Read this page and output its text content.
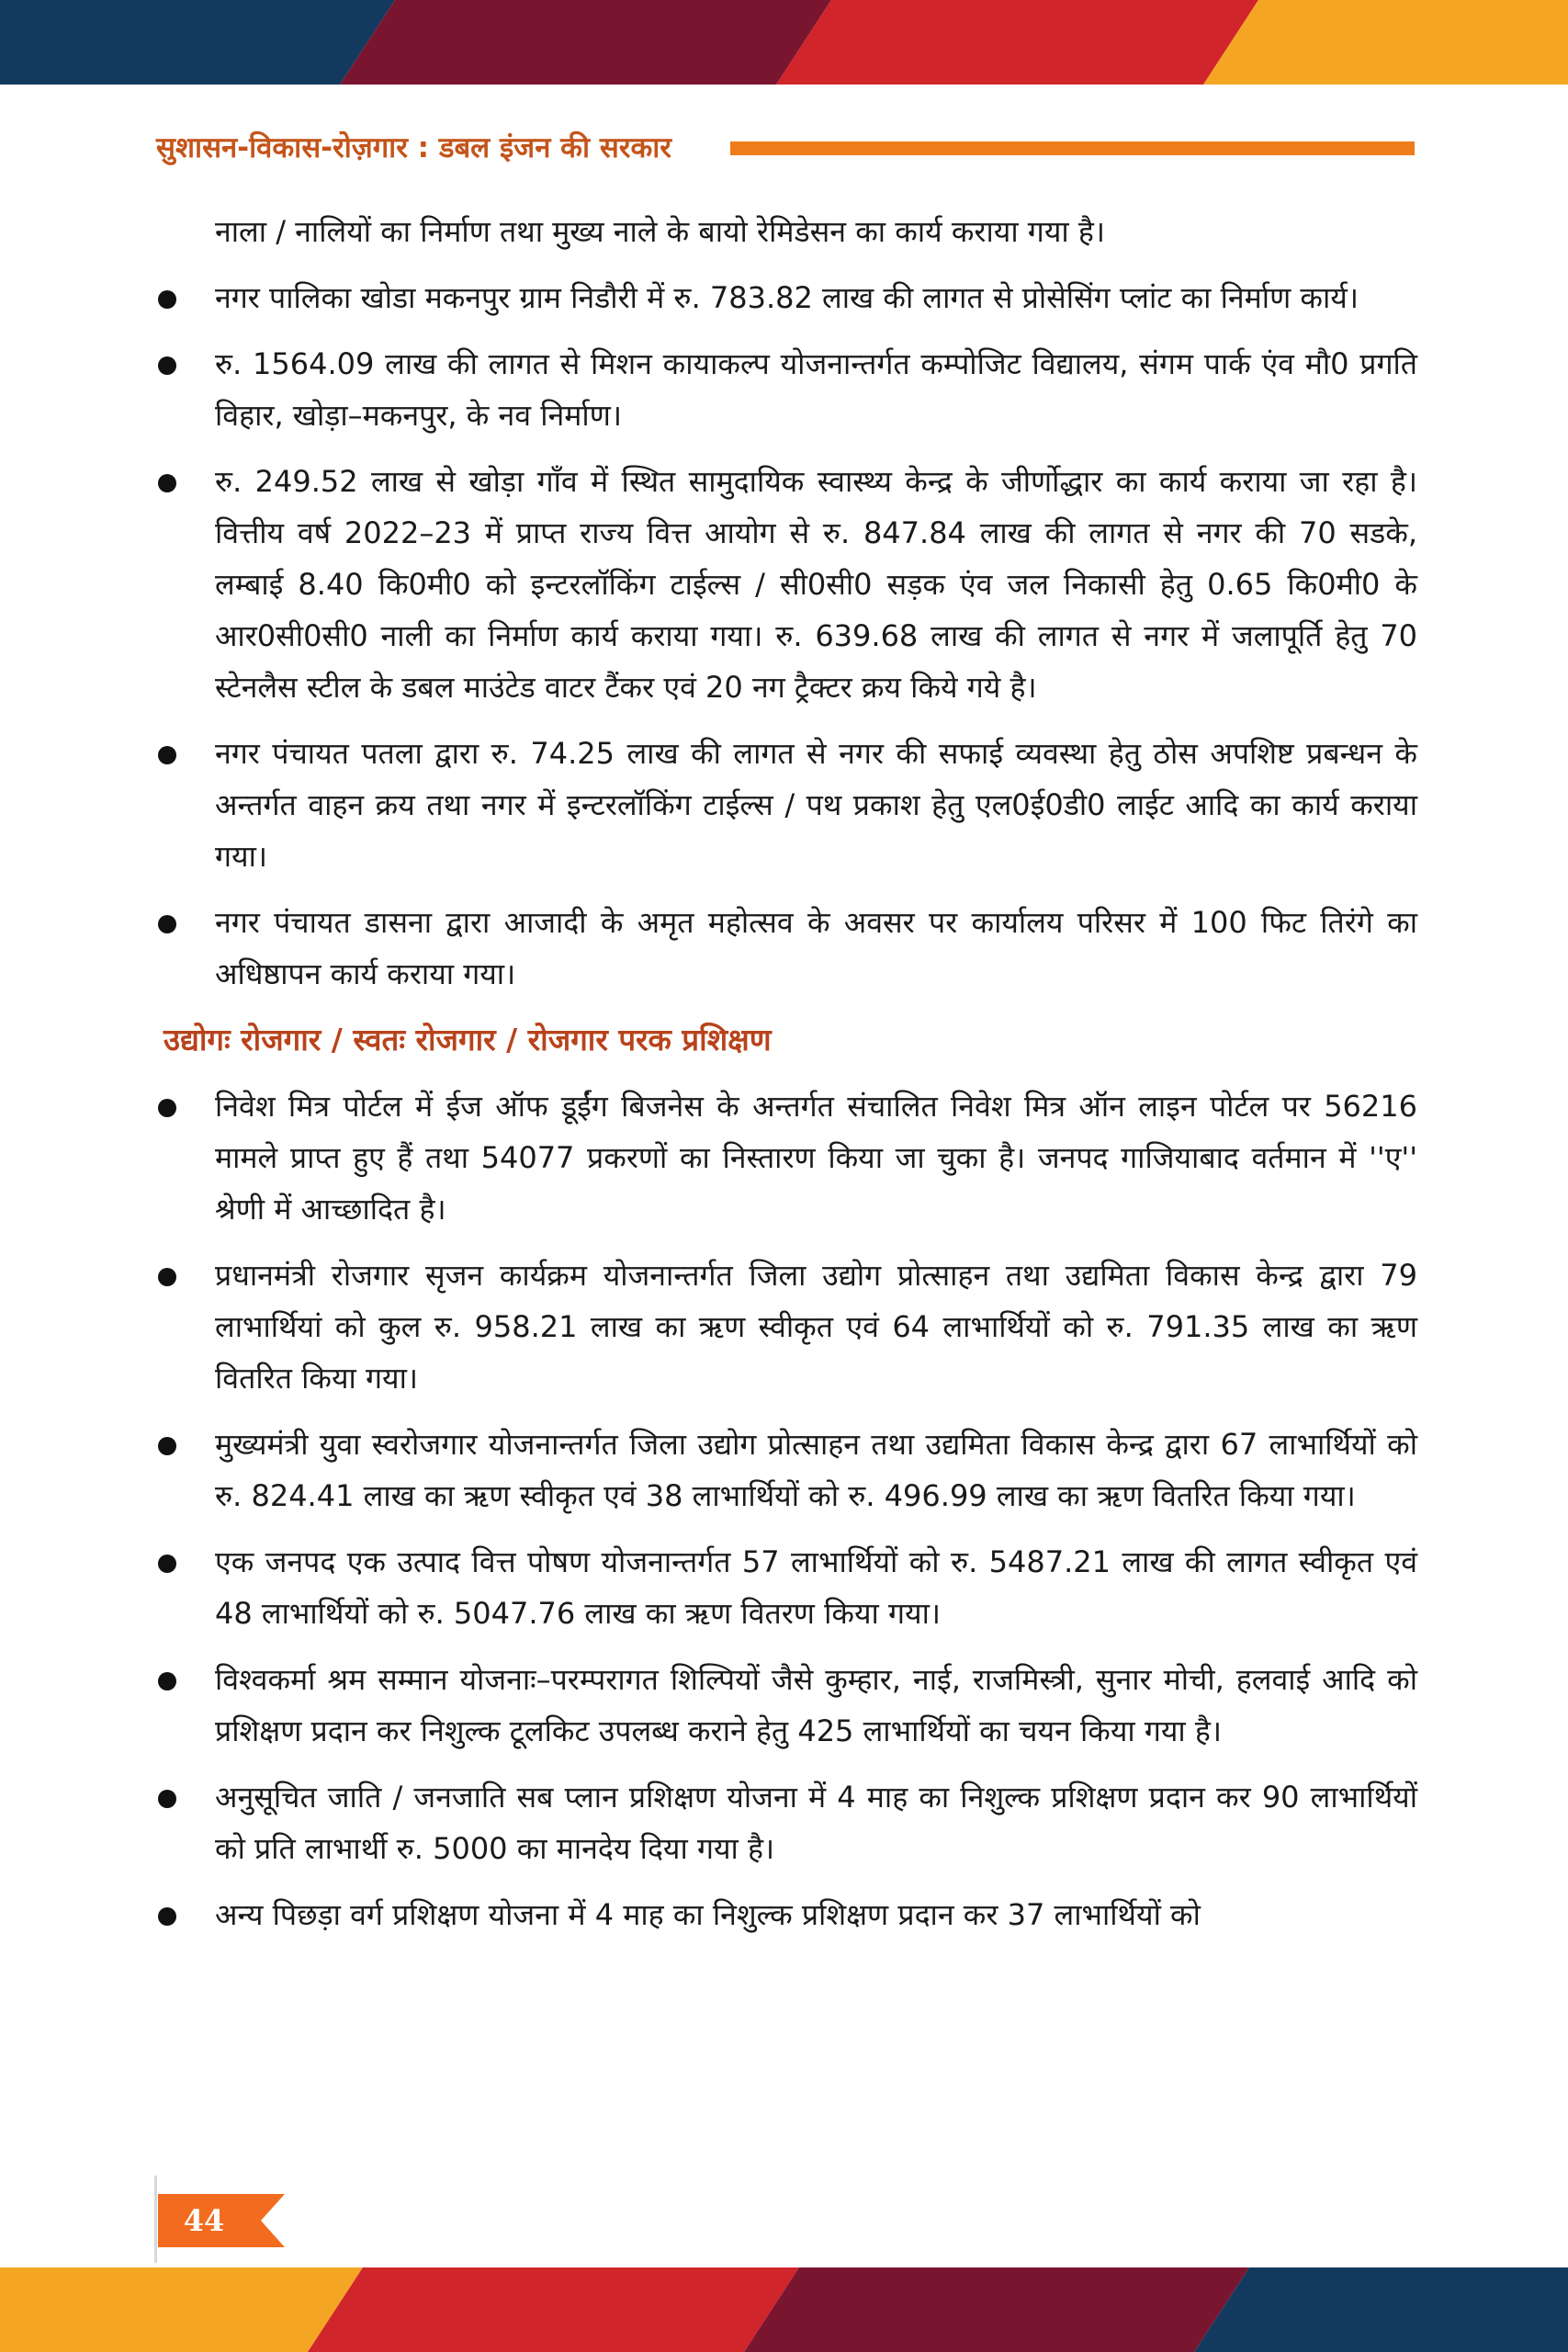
सुशासन-विकास-रोज़गार : डबल इंजन की सरकार

नाला / नालियों का निर्माण तथा मुख्य नाले के बायो रेमिडेसन का कार्य कराया गया है।

नगर पालिका खोडा मकनपुर ग्राम निडौरी में रु. 783.82 लाख की लागत से प्रोसेसिंग प्लांट का निर्माण कार्य।
रु. 1564.09 लाख की लागत से मिशन कायाकल्प योजनान्तर्गत कम्पोजिट विद्यालय, संगम पार्क एंव मौ0 प्रगति विहार, खोड़ा–मकनपुर, के नव निर्माण।
रु. 249.52 लाख से खोड़ा गाँव में स्थित सामुदायिक स्वास्थ्य केन्द्र के जीर्णोद्धार का कार्य कराया जा रहा है। वित्तीय वर्ष 2022–23 में प्राप्त राज्य वित्त आयोग से रु. 847.84 लाख की लागत से नगर की 70 सडके, लम्बाई 8.40 कि0मी0 को इन्टरलॉकिंग टाईल्स / सी0सी0 सड़क एंव जल निकासी हेतु 0.65 कि0मी0 के आर0सी0सी0 नाली का निर्माण कार्य कराया गया। रु. 639.68 लाख की लागत से नगर में जलापूर्ति हेतु 70 स्टेनलैस स्टील के डबल माउंटेड वाटर टैंकर एवं 20 नग ट्रैक्टर क्रय किये गये है।
नगर पंचायत पतला द्वारा रु. 74.25 लाख की लागत से नगर की सफाई व्यवस्था हेतु ठोस अपशिष्ट प्रबन्धन के अन्तर्गत वाहन क्रय तथा नगर में इन्टरलॉकिंग टाईल्स / पथ प्रकाश हेतु एल0ई0डी0 लाईट आदि का कार्य कराया गया।
नगर पंचायत डासना द्वारा आजादी के अमृत महोत्सव के अवसर पर कार्यालय परिसर में 100 फिट तिरंगे का अधिष्ठापन कार्य कराया गया।
उद्योगः रोजगार / स्वतः रोजगार / रोजगार परक प्रशिक्षण
निवेश मित्र पोर्टल में ईज ऑफ डूईंग बिजनेस के अन्तर्गत संचालित निवेश मित्र ऑन लाइन पोर्टल पर 56216 मामले प्राप्त हुए हैं तथा 54077 प्रकरणों का निस्तारण किया जा चुका है। जनपद गाजियाबाद वर्तमान में ''ए'' श्रेणी में आच्छादित है।
प्रधानमंत्री रोजगार सृजन कार्यक्रम योजनान्तर्गत जिला उद्योग प्रोत्साहन तथा उद्यमिता विकास केन्द्र द्वारा 79 लाभार्थियां को कुल रु. 958.21 लाख का ऋण स्वीकृत एवं 64 लाभार्थियों को रु. 791.35 लाख का ऋण वितरित किया गया।
मुख्यमंत्री युवा स्वरोजगार योजनान्तर्गत जिला उद्योग प्रोत्साहन तथा उद्यमिता विकास केन्द्र द्वारा 67 लाभार्थियों को रु. 824.41 लाख का ऋण स्वीकृत एवं 38 लाभार्थियों को रु. 496.99 लाख का ऋण वितरित किया गया।
एक जनपद एक उत्पाद वित्त पोषण योजनान्तर्गत 57 लाभार्थियों को रु. 5487.21 लाख की लागत स्वीकृत एवं 48 लाभार्थियों को रु. 5047.76 लाख का ऋण वितरण किया गया।
विश्वकर्मा श्रम सम्मान योजनाः–परम्परागत शिल्पियों जैसे कुम्हार, नाई, राजमिस्त्री, सुनार मोची, हलवाई आदि को प्रशिक्षण प्रदान कर निशुल्क टूलकिट उपलब्ध कराने हेतु 425 लाभार्थियों का चयन किया गया है।
अनुसूचित जाति / जनजाति सब प्लान प्रशिक्षण योजना में 4 माह का निशुल्क प्रशिक्षण प्रदान कर 90 लाभार्थियों को प्रति लाभार्थी रु. 5000 का मानदेय दिया गया है।
अन्य पिछड़ा वर्ग प्रशिक्षण योजना में 4 माह का निशुल्क प्रशिक्षण प्रदान कर 37 लाभार्थियों को
44
